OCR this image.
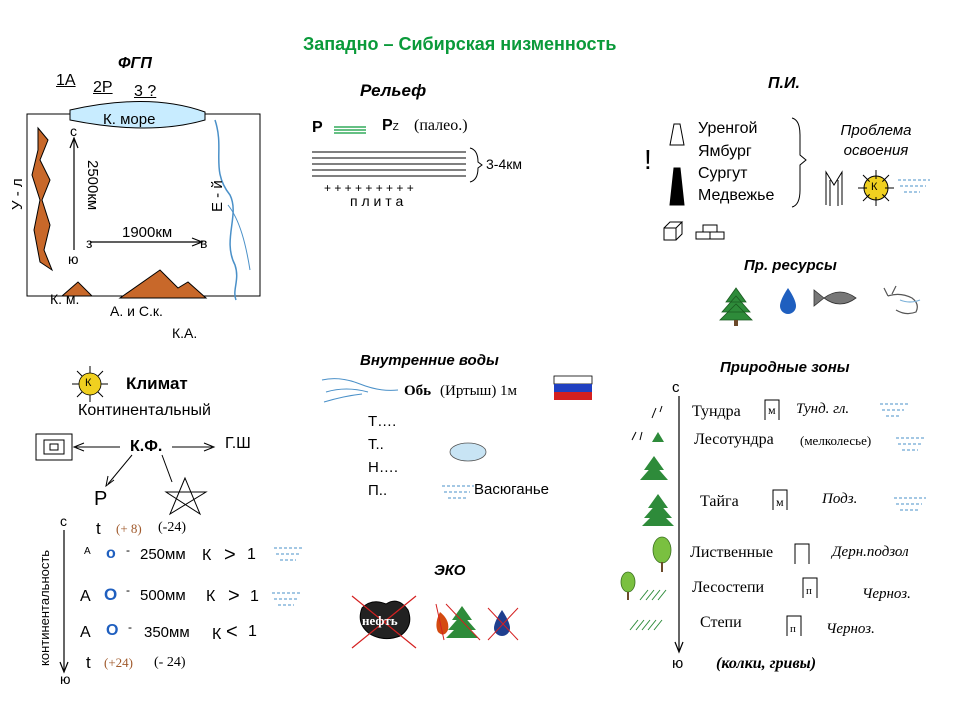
Западно – Сибирская низменность
ФГП
1А 2Р 3 ?
К. море
с
ю
з	в
2500км
1900км
У - л	Е - й
К. м.
А. и С.к.
К.А.
Рельеф
Р	РZ (палео.)
3-4км
+ + + + + + + + +
п л и т а
П.И.
!
Уренгой
Ямбург
Сургут
Медвежье
Проблема освоения
К
Пр. ресурсы
К Климат
Континентальный
К.Ф.	Г.Ш
Р
с
ю
континентальность
t (+ 8) (-24)
А о - 250мм К > 1
А О - 500мм К > 1
А О - 350мм К < 1
t (+24) (- 24)
Внутренние воды
Обь (Иртыш) 1м
Т….
Т..
Н….
П..	Васюганье
ЭКО
нефть
Природные зоны
с
ю
Тундра м Тунд. гл.
Лесотундра (мелколесье)
Тайга	м	Подз.
Лиственные	Дерн.подзол
Лесостепи	п	Черноз.
Степи	п Черноз.
(колки, гривы)
